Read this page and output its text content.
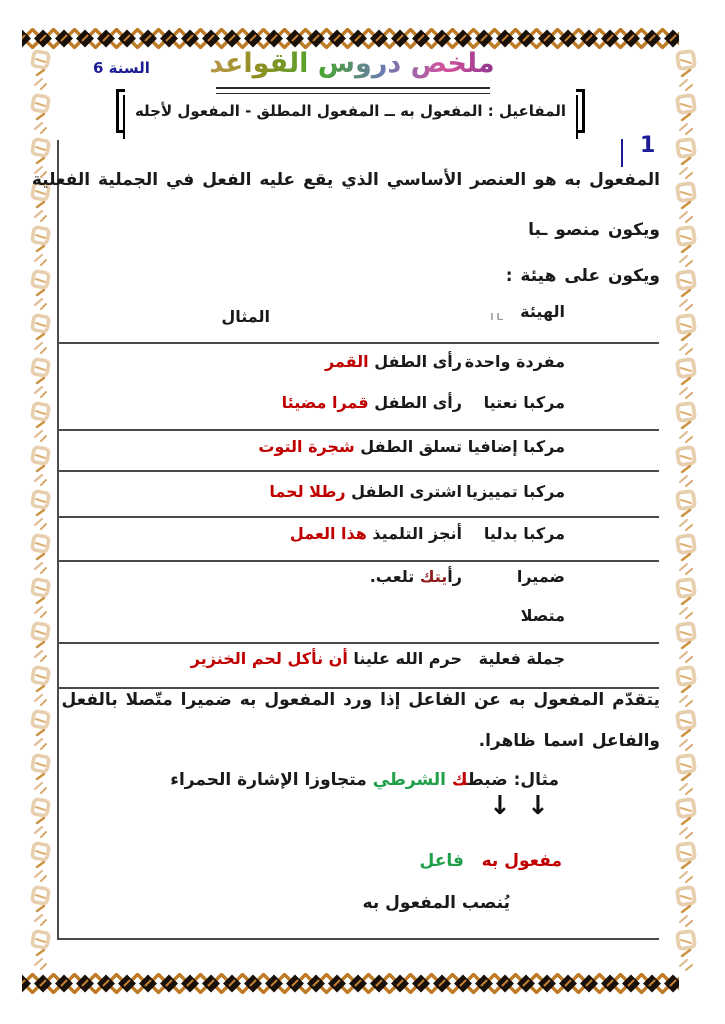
ملخص دروس القواعد
السنة 6
المفاعيل : المفعول به ــ المفعول المطلق - المفعول لأجله
1
المفعول به هو العنصر الأساسي الذي يقع عليه الفعل في الجملية الفعلية
ويكون منصو ـبا
ويكون على هيئة :
الهيئة
ـا ا
المثال
مفردة واحدة
رأى الطفل القمر
مركبا نعتيا
رأى الطفل قمرا مضيئا
مركبا إضافيا
تسلق الطفل شجرة التوت
مركبا تمييزيا
اشترى الطفل رطلا لحما
مركبا بدليا
أنجز التلميذ هذا العمل
ضميرا
متصلا
رأيتك تلعب.
جملة فعلية
حرم الله علينا أن نأكل لحم الخنزير
يتقدّم المفعول به عن الفاعل إذا ورد المفعول به ضميرا متّصلا بالفعل
والفاعل اسما ظاهرا.
مثال: ضبطك الشرطي متجاوزا الإشارة الحمراء
↓
↓
مفعول به   فاعل
يُنصب المفعول به
